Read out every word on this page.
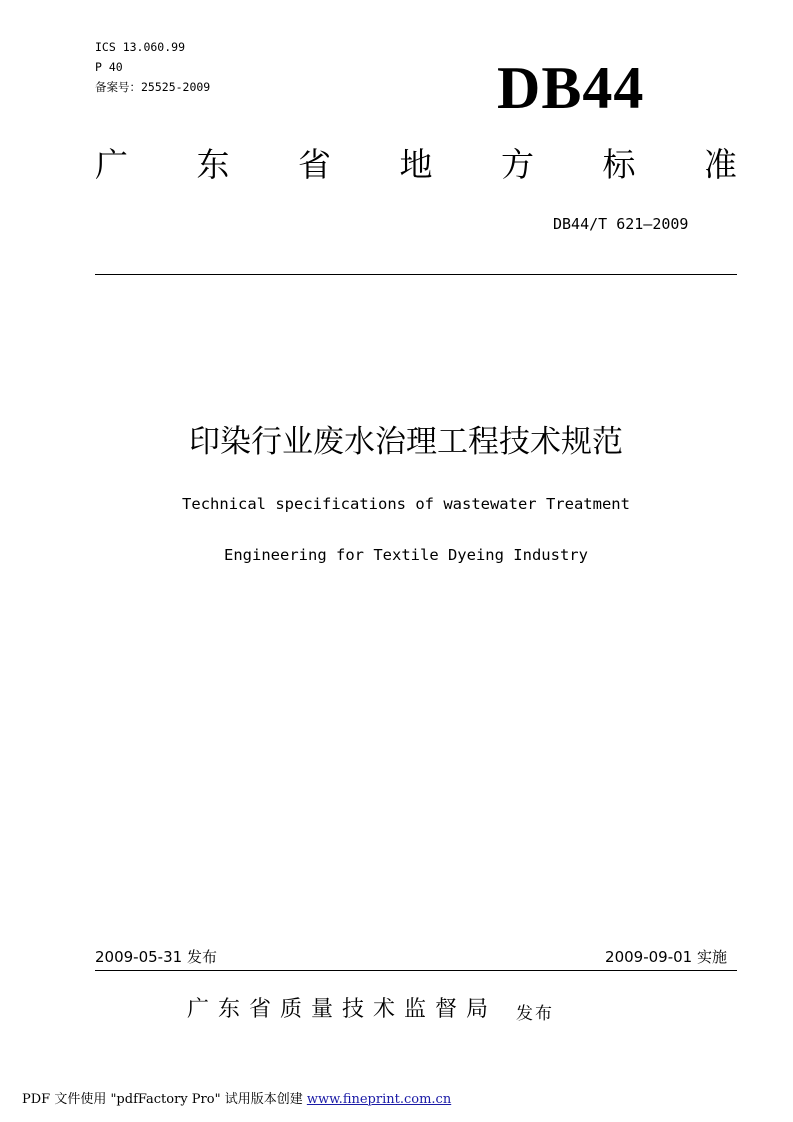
ICS 13.060.99
P 40
备案号：25525-2009	DB44
广 东 省 地 方 标 准
DB44/T 621—2009
印染行业废水治理工程技术规范
Technical specifications of wastewater Treatment
Engineering for Textile Dyeing Industry
2009-05-31 发布	2009-09-01 实施
广东省质量技术监督局 发布
PDF 文件使用 "pdfFactory Pro" 试用版本创建 www.fineprint.com.cn
